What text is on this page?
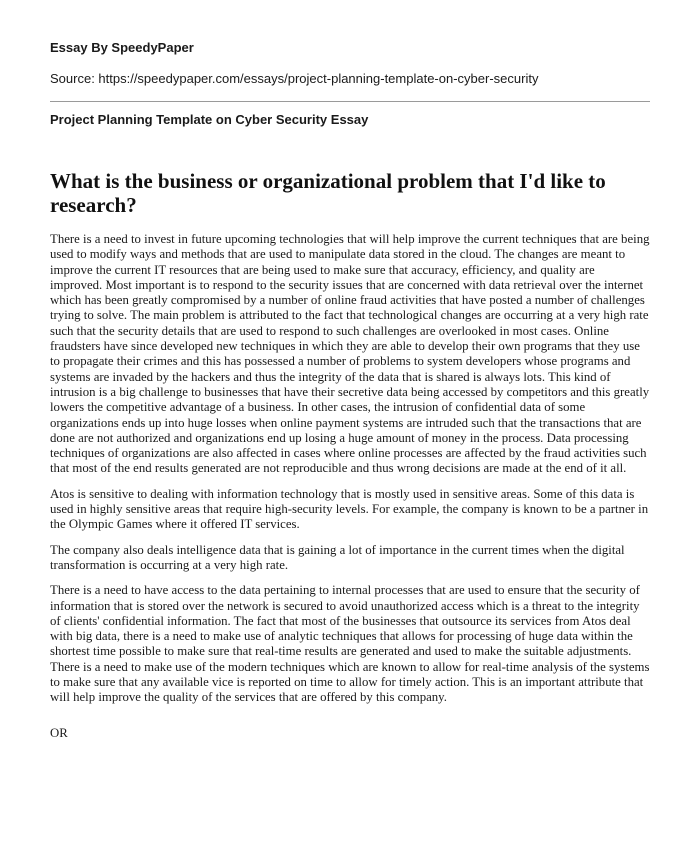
Essay By SpeedyPaper

Source: https://speedypaper.com/essays/project-planning-template-on-cyber-security

Project Planning Template on Cyber Security Essay

What is the business or organizational problem that I'd like to research?

There is a need to invest in future upcoming technologies that will help improve the current techniques that are being used to modify ways and methods that are used to manipulate data stored in the cloud. The changes are meant to improve the current IT resources that are being used to make sure that accuracy, efficiency, and quality are improved. Most important is to respond to the security issues that are concerned with data retrieval over the internet which has been greatly compromised by a number of online fraud activities that have posted a number of challenges trying to solve. The main problem is attributed to the fact that technological changes are occurring at a very high rate such that the security details that are used to respond to such challenges are overlooked in most cases. Online fraudsters have since developed new techniques in which they are able to develop their own programs that they use to propagate their crimes and this has possessed a number of problems to system developers whose programs and systems are invaded by the hackers and thus the integrity of the data that is shared is always lots. This kind of intrusion is a big challenge to businesses that have their secretive data being accessed by competitors and this greatly lowers the competitive advantage of a business. In other cases, the intrusion of confidential data of some organizations ends up into huge losses when online payment systems are intruded such that the transactions that are done are not authorized and organizations end up losing a huge amount of money in the process. Data processing techniques of organizations are also affected in cases where online processes are affected by the fraud activities such that most of the end results generated are not reproducible and thus wrong decisions are made at the end of it all.

Atos is sensitive to dealing with information technology that is mostly used in sensitive areas. Some of this data is used in highly sensitive areas that require high-security levels. For example, the company is known to be a partner in the Olympic Games where it offered IT services.

The company also deals intelligence data that is gaining a lot of importance in the current times when the digital transformation is occurring at a very high rate.

There is a need to have access to the data pertaining to internal processes that are used to ensure that the security of information that is stored over the network is secured to avoid unauthorized access which is a threat to the integrity of clients' confidential information. The fact that most of the businesses that outsource its services from Atos deal with big data, there is a need to make use of analytic techniques that allows for processing of huge data within the shortest time possible to make sure that real-time results are generated and used to make the suitable adjustments. There is a need to make use of the modern techniques which are known to allow for real-time analysis of the systems to make sure that any available vice is reported on time to allow for timely action. This is an important attribute that will help improve the quality of the services that are offered by this company.

OR
